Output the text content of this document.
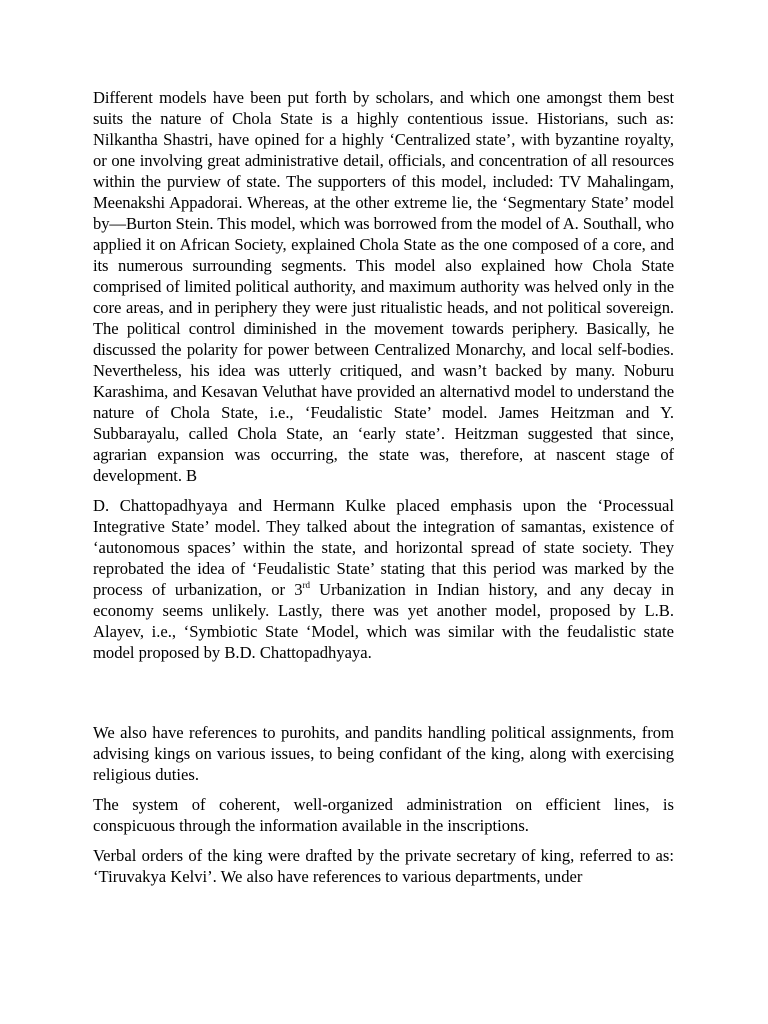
Different models have been put forth by scholars, and which one amongst them best suits the nature of Chola State is a highly contentious issue. Historians, such as: Nilkantha Shastri, have opined for a highly ‘Centralized state’, with byzantine royalty, or one involving great administrative detail, officials, and concentration of all resources within the purview of state. The supporters of this model, included: TV Mahalingam, Meenakshi Appadorai. Whereas, at the other extreme lie, the ‘Segmentary State’ model by—Burton Stein. This model, which was borrowed from the model of A. Southall, who applied it on African Society, explained Chola State as the one composed of a core, and its numerous surrounding segments. This model also explained how Chola State comprised of limited political authority, and maximum authority was helved only in the core areas, and in periphery they were just ritualistic heads, and not political sovereign. The political control diminished in the movement towards periphery. Basically, he discussed the polarity for power between Centralized Monarchy, and local self-bodies. Nevertheless, his idea was utterly critiqued, and wasn’t backed by many. Noburu Karashima, and Kesavan Veluthat have provided an alternativd model to understand the nature of Chola State, i.e., ‘Feudalistic State’ model. James Heitzman and Y. Subbarayalu, called Chola State, an ‘early state’. Heitzman suggested that since, agrarian expansion was occurring, the state was, therefore, at nascent stage of development. B

D. Chattopadhyaya and Hermann Kulke placed emphasis upon the ‘Processual Integrative State’ model. They talked about the integration of samantas, existence of ‘autonomous spaces’ within the state, and horizontal spread of state society. They reprobated the idea of ‘Feudalistic State’ stating that this period was marked by the process of urbanization, or 3rd Urbanization in Indian history, and any decay in economy seems unlikely. Lastly, there was yet another model, proposed by L.B. Alayev, i.e., ‘Symbiotic State ‘Model, which was similar with the feudalistic state model proposed by B.D. Chattopadhyaya.

We also have references to purohits, and pandits handling political assignments, from advising kings on various issues, to being confidant of the king, along with exercising religious duties.

The system of coherent, well-organized administration on efficient lines, is conspicuous through the information available in the inscriptions.

Verbal orders of the king were drafted by the private secretary of king, referred to as: ‘Tiruvakya Kelvi’. We also have references to various departments, under
